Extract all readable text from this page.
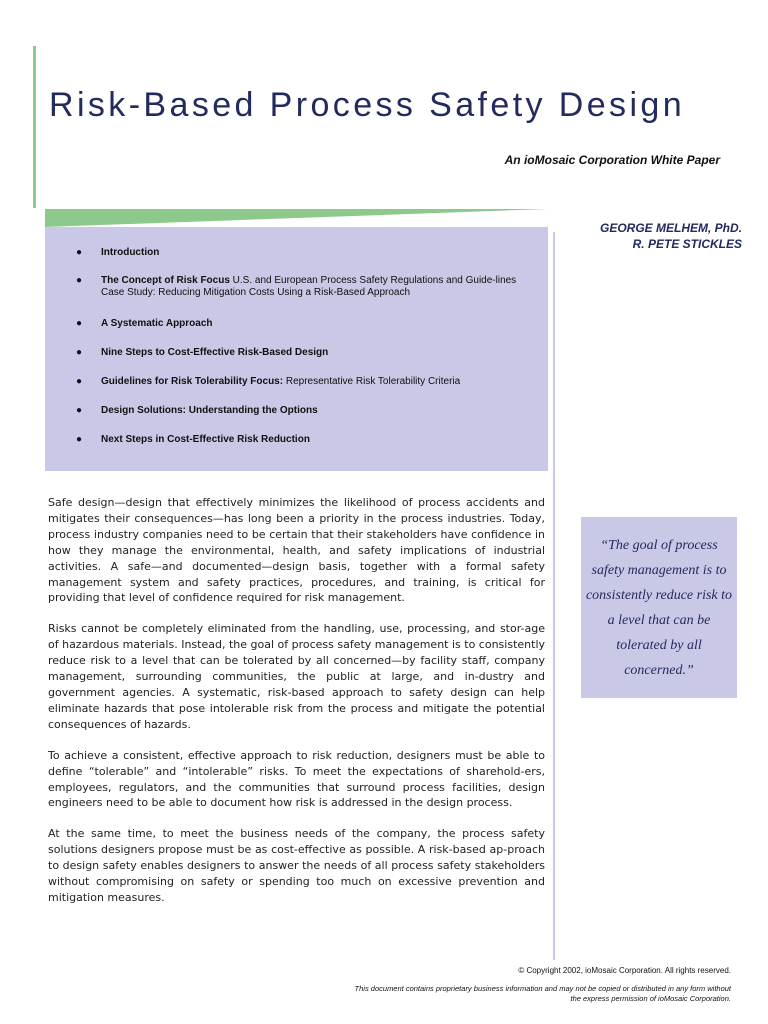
Risk-Based Process Safety Design
An ioMosaic Corporation White Paper
● Introduction
● The Concept of Risk Focus U.S. and European Process Safety Regulations and Guide-lines Case Study: Reducing Mitigation Costs Using a Risk-Based Approach
● A Systematic Approach
● Nine Steps to Cost-Effective Risk-Based Design
● Guidelines for Risk Tolerability Focus: Representative Risk Tolerability Criteria
● Design Solutions: Understanding the Options
● Next Steps in Cost-Effective Risk Reduction
GEORGE MELHEM, PhD.
R. PETE STICKLES

Safe design—design that effectively minimizes the likelihood of process accidents and mitigates their consequences—has long been a priority in the process industries. Today, process industry companies need to be certain that their stakeholders have confidence in how they manage the environmental, health, and safety implications of industrial activities. A safe—and documented—design basis, together with a formal safety management system and safety practices, procedures, and training, is critical for providing that level of confidence required for risk management.

Risks cannot be completely eliminated from the handling, use, processing, and stor-age of hazardous materials. Instead, the goal of process safety management is to consistently reduce risk to a level that can be tolerated by all concerned—by facility staff, company management, surrounding communities, the public at large, and in-dustry and government agencies. A systematic, risk-based approach to safety design can help eliminate hazards that pose intolerable risk from the process and mitigate the potential consequences of hazards.

To achieve a consistent, effective approach to risk reduction, designers must be able to define “tolerable” and “intolerable” risks. To meet the expectations of sharehold-ers, employees, regulators, and the communities that surround process facilities, design engineers need to be able to document how risk is addressed in the design process.

At the same time, to meet the business needs of the company, the process safety solutions designers propose must be as cost-effective as possible. A risk-based ap-proach to design safety enables designers to answer the needs of all process safety stakeholders without compromising on safety or spending too much on excessive prevention and mitigation measures.

“The goal of process safety management is to consistently reduce risk to a level that can be tolerated by all concerned.”
© Copyright 2002, ioMosaic Corporation. All rights reserved.
This document contains proprietary business information and may not be copied or distributed in any form without the express permission of ioMosaic Corporation.
